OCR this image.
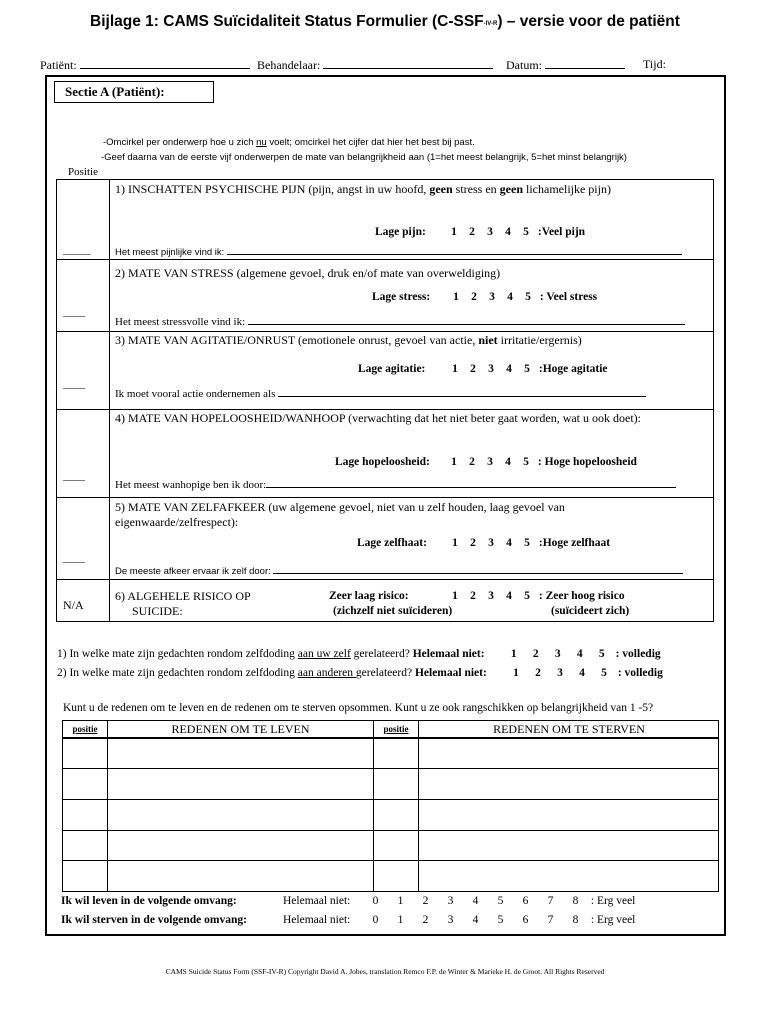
Bijlage 1: CAMS Suïcidaliteit Status Formulier $(C-SSF_{-IV-R})$ – versie voor de patiënt
Patiënt:	Behandelaar:	Datum:	Tijd:
Sectie A (Patiënt):
-Omcirkel per onderwerp hoe u zich nu voelt; omcirkel het cijfer dat hier het best bij past.
-Geef daarna van de eerste vijf onderwerpen de mate van belangrijkheid aan (1=het meest belangrijk, 5=het minst belangrijk)
Positie
_____
1) INSCHATTEN PSYCHISCHE PIJN (pijn, angst in uw hoofd, geen stress en geen lichamelijke pijn)
Lage pijn: 1 2 3 4 5 :Veel pijn
Het meest pijnlijke vind ik:
——
2) MATE VAN STRESS (algemene gevoel, druk en/of mate van overweldiging)
Lage stress: 1 2 3 4 5 : Veel stress
Het meest stressvolle vind ik:
——
3) MATE VAN AGITATIE/ONRUST (emotionele onrust, gevoel van actie, niet irritatie/ergernis)
Lage agitatie: 1 2 3 4 5 :Hoge agitatie
Ik moet vooral actie ondernemen als
——
4) MATE VAN HOPELOOSHEID/WANHOOP (verwachting dat het niet beter gaat worden, wat u ook doet):
Lage hopeloosheid: 1 2 3 4 5 : Hoge hopeloosheid
Het meest wanhopige ben ik door:
——
5) MATE VAN ZELFAFKEER (uw algemene gevoel, niet van u zelf houden, laag gevoel van
eigenwaarde/zelfrespect):
Lage zelfhaat: 1 2 3 4 5 :Hoge zelfhaat
De meeste afkeer ervaar ik zelf door:
N/A
6) ALGEHELE RISICO OP
SUICIDE:
Zeer laag risico:	1 2 3 4 5 : Zeer hoog risico
(zichzelf niet suïcideren)	(suïcideert zich)
1) In welke mate zijn gedachten rondom zelfdoding aan uw zelf gerelateerd? Helemaal niet: 1 2 3 4 5 : volledig
2) In welke mate zijn gedachten rondom zelfdoding aan anderen gerelateerd? Helemaal niet: 1 2 3 4 5 : volledig
Kunt u de redenen om te leven en de redenen om te sterven opsommen. Kunt u ze ook rangschikken op belangrijkheid van 1 -5?
positie	REDENEN OM TE LEVEN	positie	REDENEN OM TE STERVEN
Ik wil leven in de volgende omvang:	Helemaal niet: 0 1 2 3 4 5 6 7 8 : Erg veel
Ik wil sterven in de volgende omvang:	Helemaal niet: 0 1 2 3 4 5 6 7 8 : Erg veel
CAMS Suicide Status Form (SSF-IV-R) Copyright David A. Jobes, translation Remco F.P. de Winter & Marieke H. de Groot. All Rights Reserved
